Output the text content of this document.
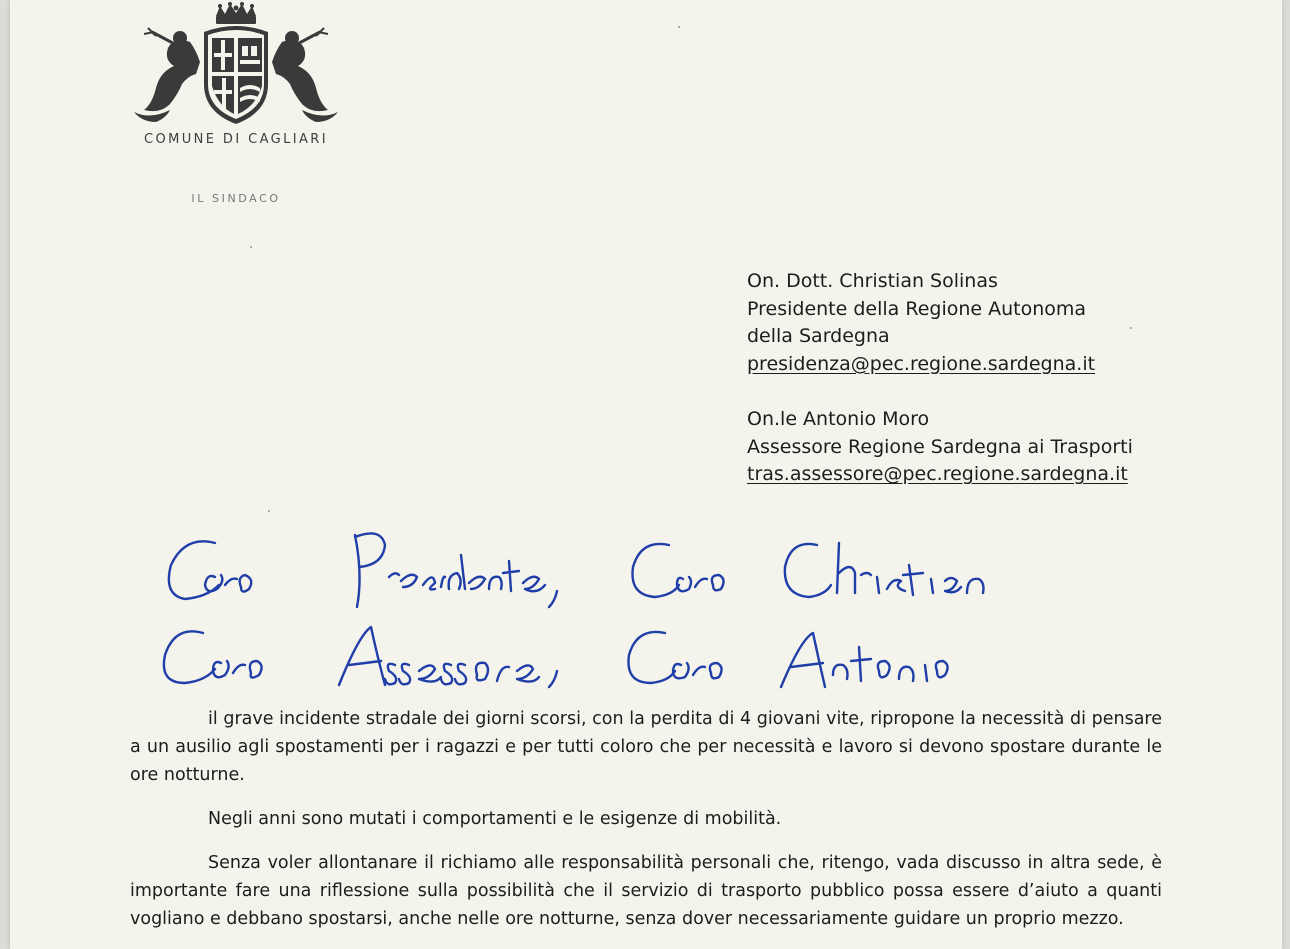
COMUNE DI CAGLIARI
IL SINDACO
On. Dott. Christian Solinas
Presidente della Regione Autonoma
della Sardegna
presidenza@pec.regione.sardegna.it
On.le Antonio Moro
Assessore Regione Sardegna ai Trasporti
tras.assessore@pec.regione.sardegna.it

il grave incidente stradale dei giorni scorsi, con la perdita di 4 giovani vite, ripropone la necessità di pensare a un ausilio agli spostamenti per i ragazzi e per tutti coloro che per necessità e lavoro si devono spostare durante le ore notturne.

Negli anni sono mutati i comportamenti e le esigenze di mobilità.

Senza voler allontanare il richiamo alle responsabilità personali che, ritengo, vada discusso in altra sede, è importante fare una riflessione sulla possibilità che il servizio di trasporto pubblico possa essere d’aiuto a quanti vogliano e debbano spostarsi, anche nelle ore notturne, senza dover necessariamente guidare un proprio mezzo.
